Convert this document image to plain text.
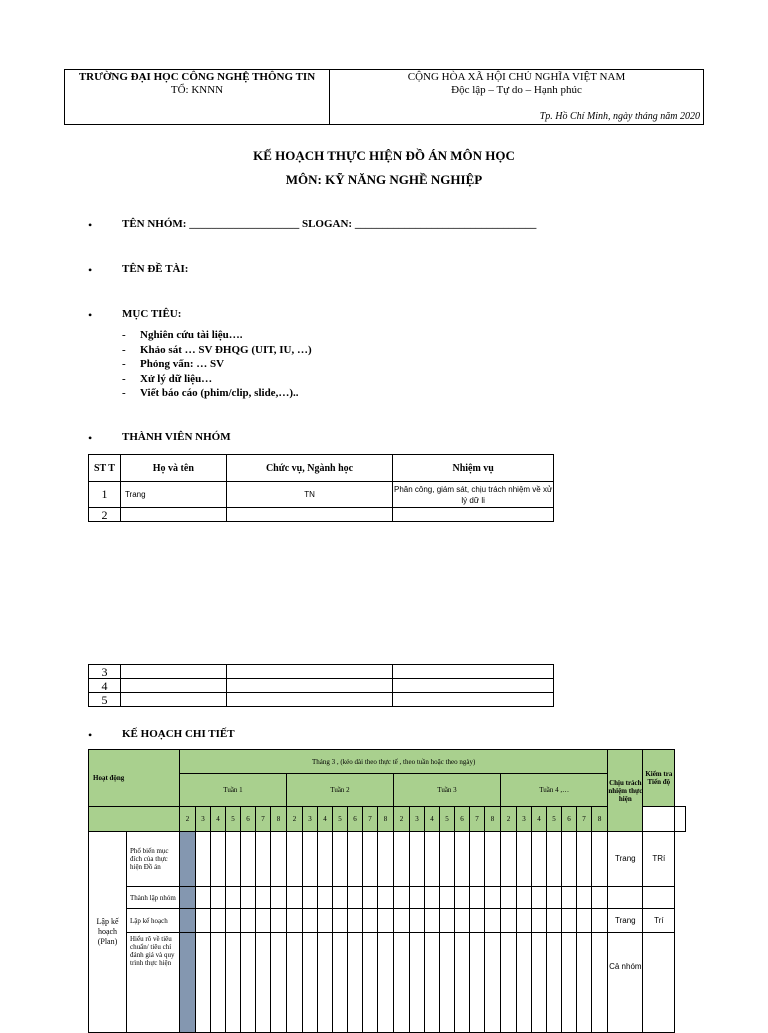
TRƯỜNG ĐẠI HỌC CÔNG NGHỆ THÔNG TIN
TỔ: KNNN
CỘNG HÒA XÃ HỘI CHỦ NGHĨA VIỆT NAM
Độc lập – Tự do – Hạnh phúc
Tp. Hồ Chí Minh, ngày tháng năm 2020
KẾ HOẠCH THỰC HIỆN ĐỒ ÁN MÔN HỌC
MÔN: KỸ NĂNG NGHỀ NGHIỆP
•	TÊN NHÓM: ____________________ SLOGAN: _________________________________
•	TÊN ĐỀ TÀI:
•	MỤC TIÊU:
- Nghiên cứu tài liệu….
- Khảo sát … SV ĐHQG (UIT, IU, …)
- Phỏng vấn: … SV
- Xử lý dữ liệu…
- Viết báo cáo (phim/clip, slide,…)..
•	THÀNH VIÊN NHÓM
ST T	Họ và tên	Chức vụ, Ngành học	Nhiệm vụ
1	Trang	TN	Phân công, giám sát, chịu trách nhiệm về xử lý dữ li
2			
3			
4			
5			
•	KẾ HOẠCH CHI TIẾT
Hoạt động		Tháng 3 , (kéo dài theo thực tế , theo tuần hoặc theo ngày)																												Chịu trách nhiệm thực hiện	Kiểm tra Tiến độ	
		Tuần 1							Tuần 2							Tuần 3							Tuần 4 ,…									
		2	3	4	5	6	7	8	2	3	4	5	6	7	8	2	3	4	5	6	7	8	2	3	4	5	6	7	8			
Lập kế hoạch (Plan)	Phổ biến mục đích của thực hiện Đồ án																													Trang	TRí	
	Thành lập nhóm																															
	Lập kế hoạch																													Trang	Trí	
	Hiểu rõ về tiêu chuẩn/ tiêu chí đánh giá và quy trình thực hiện																													Cả nhóm		
